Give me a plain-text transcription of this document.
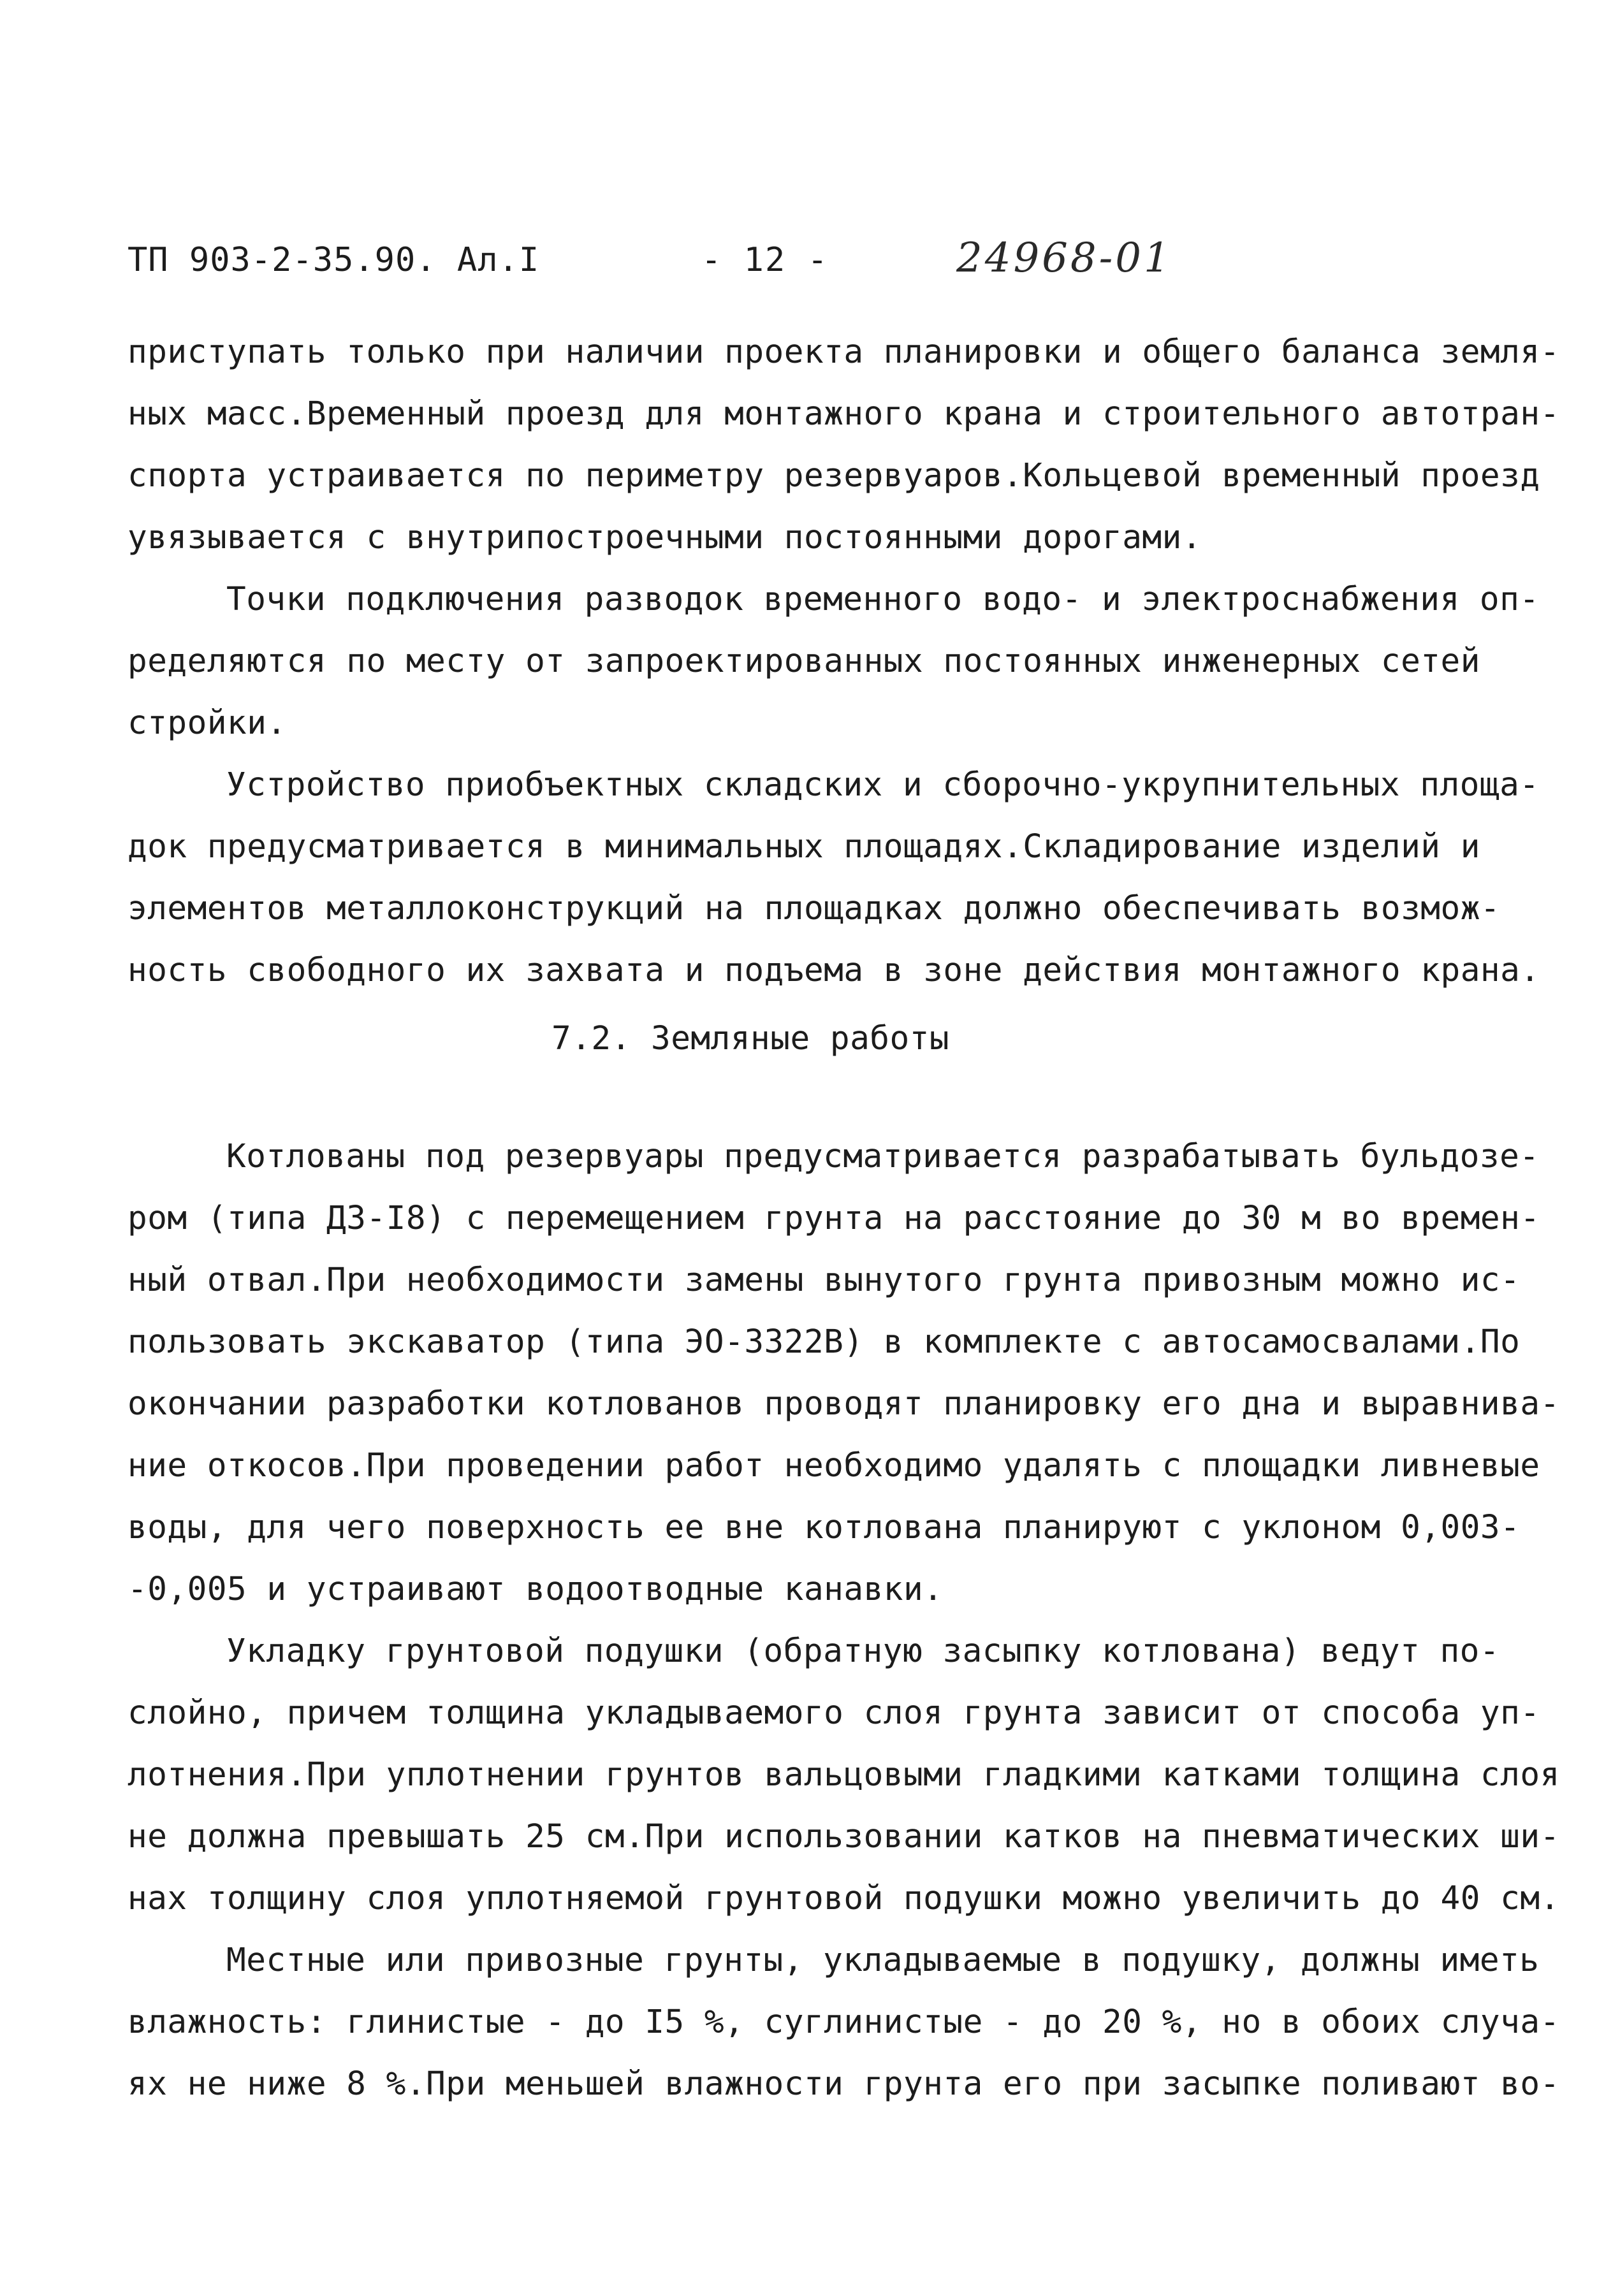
ТП 903-2-35.90. Ал.I	- 12 -	24968-01
приступать только при наличии проекта планировки и общего баланса земля-
ных масс.Временный проезд для монтажного крана и строительного автотран-
спорта устраивается по периметру резервуаров.Кольцевой временный проезд
увязывается с внутрипостроечными постоянными дорогами.
Точки подключения разводок временного водо- и электроснабжения оп-
ределяются по месту от запроектированных постоянных инженерных сетей
стройки.
Устройство приобъектных складских и сборочно-укрупнительных площа-
док предусматривается в минимальных площадях.Складирование изделий и
элементов металлоконструкций на площадках должно обеспечивать возмож-
ность свободного их захвата и подъема в зоне действия монтажного крана.
7.2. Земляные работы
Котлованы под резервуары предусматривается разрабатывать бульдозе-
ром (типа ДЗ-I8) с перемещением грунта на расстояние до 30 м во времен-
ный отвал.При необходимости замены вынутого грунта привозным можно ис-
пользовать экскаватор (типа ЭО-3322В) в комплекте с автосамосвалами.По
окончании разработки котлованов проводят планировку его дна и выравнива-
ние откосов.При проведении работ необходимо удалять с площадки ливневые
воды, для чего поверхность ее вне котлована планируют с уклоном 0,003-
-0,005 и устраивают водоотводные канавки.
Укладку грунтовой подушки (обратную засыпку котлована) ведут по-
слойно, причем толщина укладываемого слоя грунта зависит от способа уп-
лотнения.При уплотнении грунтов вальцовыми гладкими катками толщина слоя
не должна превышать 25 см.При использовании катков на пневматических ши-
нах толщину слоя уплотняемой грунтовой подушки можно увеличить до 40 см.
Местные или привозные грунты, укладываемые в подушку, должны иметь
влажность: глинистые - до I5 %, суглинистые - до 20 %, но в обоих случа-
ях не ниже 8 %.При меньшей влажности грунта его при засыпке поливают во-
